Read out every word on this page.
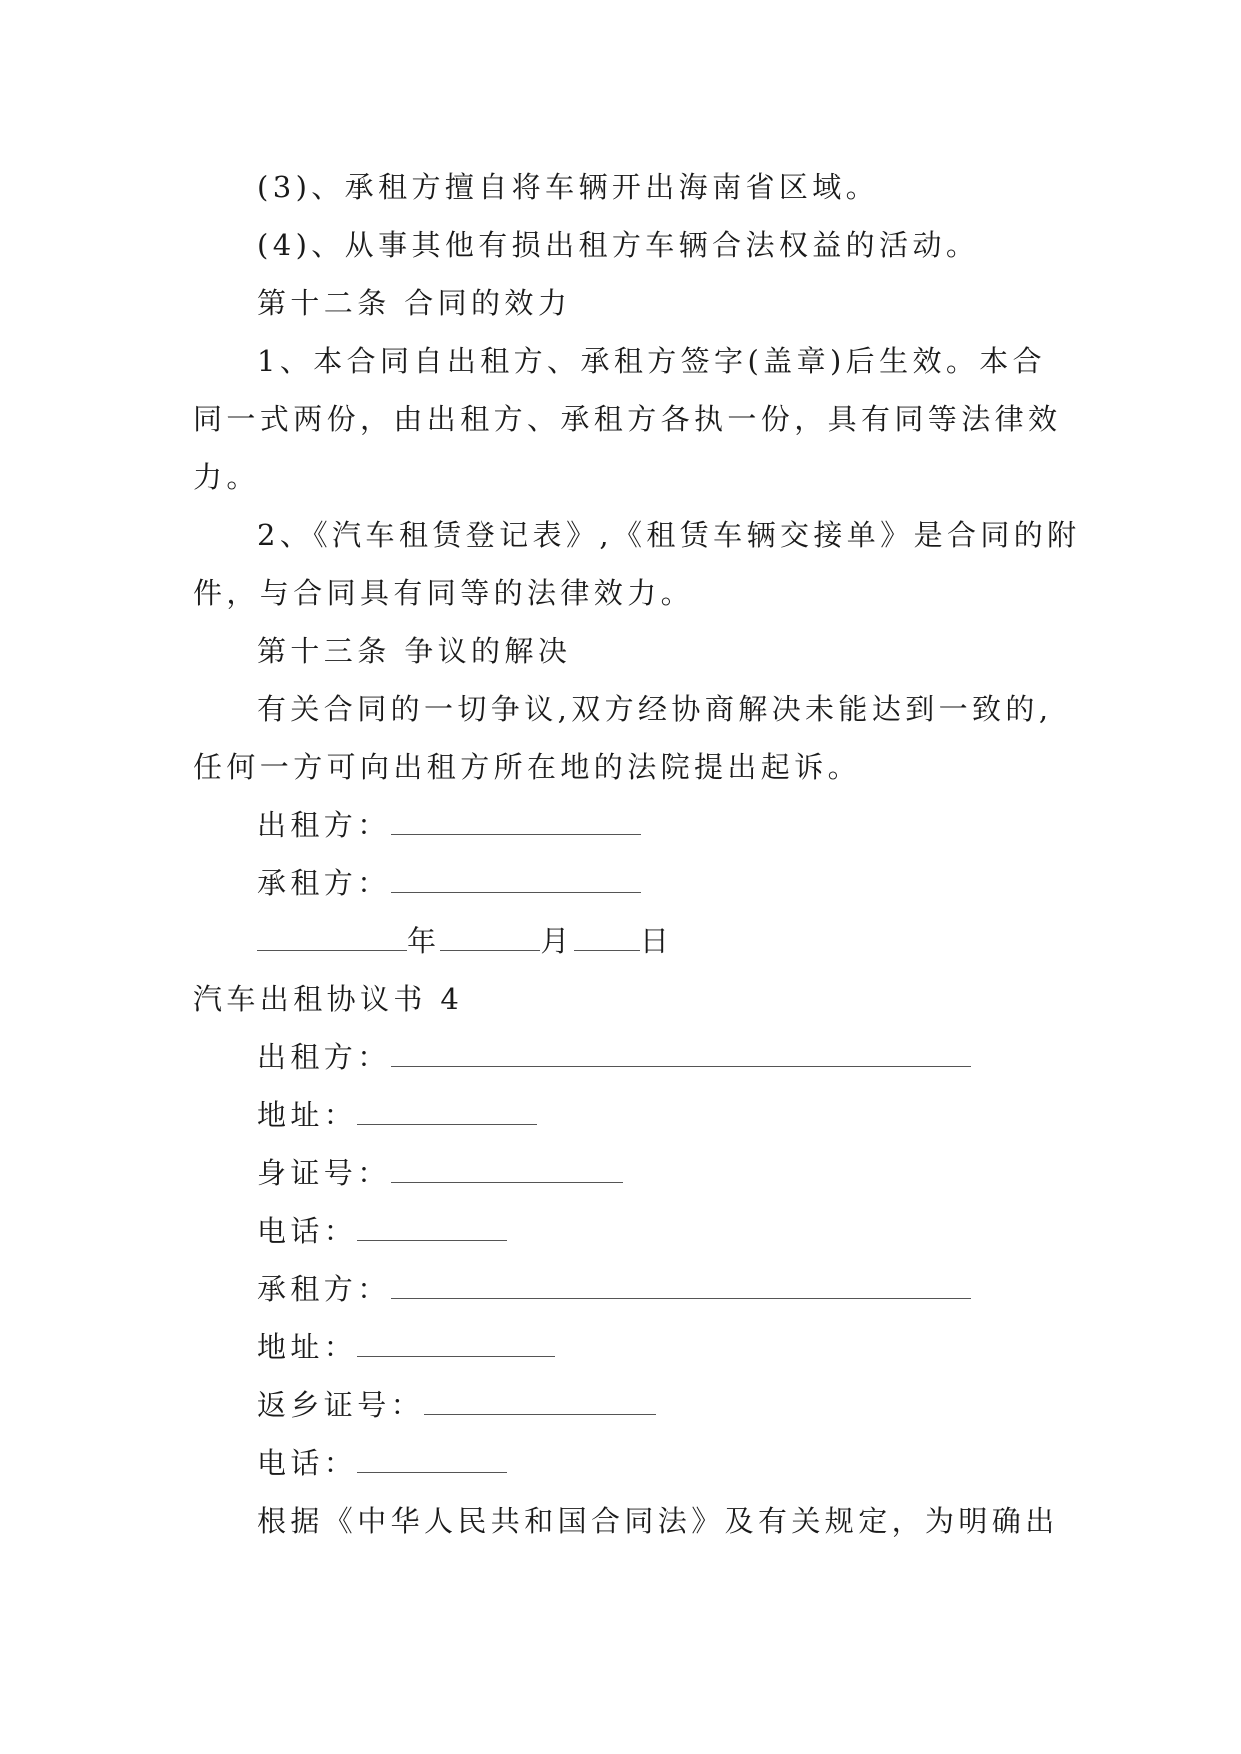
(3)、承租方擅自将车辆开出海南省区域。
(4)、从事其他有损出租方车辆合法权益的活动。
第十二条 合同的效力
1、本合同自出租方、承租方签字(盖章)后生效。本合
同一式两份，由出租方、承租方各执一份，具有同等法律效
力。
2、《汽车租赁登记表》,《租赁车辆交接单》是合同的附
件，与合同具有同等的法律效力。
第十三条 争议的解决
有关合同的一切争议,双方经协商解决未能达到一致的,
任何一方可向出租方所在地的法院提出起诉。
出租方：
承租方：
年	月 日
汽车出租协议书 4
出租方：
地址：
身证号：
电话：
承租方：
地址：
返乡证号：
电话：
根据《中华人民共和国合同法》及有关规定，为明确出
